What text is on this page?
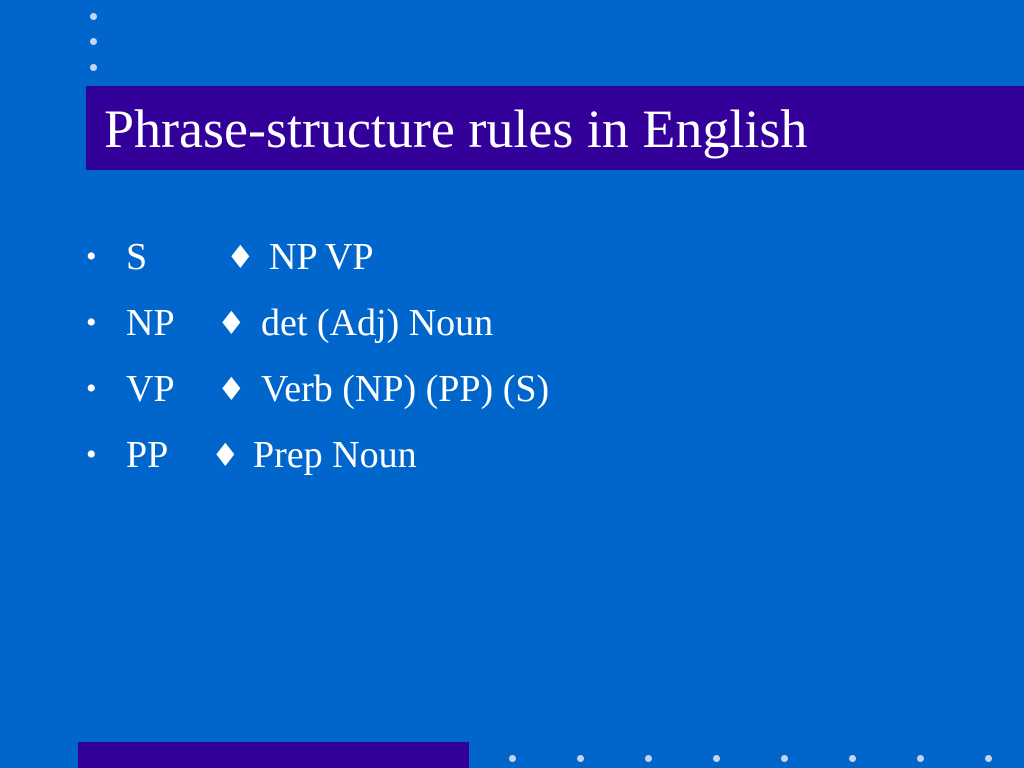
Phrase-structure rules in English
• S ♦ NP VP
• NP ♦ det (Adj) Noun
• VP ♦ Verb (NP) (PP) (S)
• PP ♦ Prep Noun
